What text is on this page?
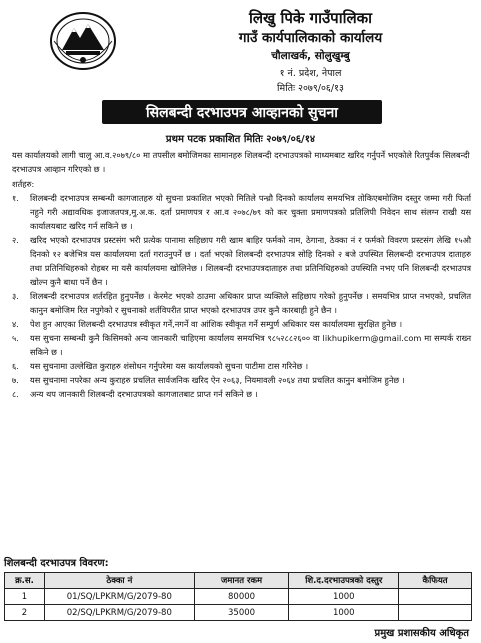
लिखु पिके गाउँपालिका
गाउँ कार्यपालिकाको कार्यालय
चौलाखर्क, सोलुखुम्बु
१ नं. प्रदेश, नेपाल
मितिः २०७९/०६/१३
सिलबन्दी दरभाउपत्र आव्हानको सुचना
प्रथम पटक प्रकाशित मितिः २०७९/०६/१४

यस कार्यालयको लागी चालु आ.व.२०७९/८० मा तपसील बमोजिमका सामानहरु शिलबन्दी दरभाउपत्रको माध्यमबाट खरिद गर्नुपर्ने भएकोले रितपुर्वक सिलबन्दी दरभाउपत्र आव्हान गरिएको छ ।

शर्तहरु:
१.	शिलबन्दी दरभाउपत्र सम्बन्धी कागजातहरु यो सुचना प्रकाशित भएको मितिले पन्ध्रौ दिनको कार्यालय समयभित्र तोकिएबमोजिम दस्तुर जम्मा गरी फिर्ता नहुने गरी अद्यावधिक इजाजतपत्र,मु.अ.क. दर्ता प्रमाणपत्र र आ.व २०७८/७९ को कर चुक्ता प्रमाणपत्रको प्रतिलिपी निवेदन साथ संलग्न राखी यस कार्यालयबाट खरिद गर्न सकिने छ ।
२.	खरिद भएको दरभाउपत्र प्रस्टसंग भरी प्रत्येक पानामा सहिछाप गरी खाम बाहिर फर्मको नाम, ठेगाना, ठेक्का नं र फर्मको विवरण प्रस्टसंग लेखि १५औ दिनको १२ बजेभित्र यस कार्यालयमा दर्ता गराउनुपर्ने छ । दर्ता भएको शिलबन्दी दरभाउपत्र सोहि दिनको २ बजे उपस्थित सिलबन्दी दरभाउपत्र दाताहरु तथा प्रतिनिधिहरुको रोहबर मा यसै कार्यालयमा खोलिनेछ । शिलबन्दी दरभाउपत्रदाताहरु तथा प्रतिनिधिहरुको उपस्थिति नभए पनि शिलबन्दी दरभाउपत्र खोल्न कुनै बाधा पर्ने छैन ।
३.	शिलबन्दी दरभाउपत्र शर्तरहित हुनुपर्नेछ । केरमेट भएको ठाउमा अधिकार प्राप्त व्यक्तिले सहिछाप गरेको हुनुपर्नेछ । समयभित्र प्राप्त नभएको, प्रचलित कानुन बमोजिम रित नपुगेको र सुचनाको शर्तविपरीत प्राप्त भएको दरभाउपत्र उपर कुनै कारबाही हुने छैन ।
४.	पेश हुन आएका शिलबन्दी दरभाउपत्र स्वीकृत गर्ने,नगर्ने वा आंशिक स्वीकृत गर्ने सम्पुर्ण अधिकार यस कार्यालयमा सुरक्षित हुनेछ ।
५.	यस सुचना सम्बन्धी कुनै किसिमको अन्य जानकारी चाहिएमा कार्यालय समयभित्र ९८५२८८२६०० वा likhupikerm@gmail.com मा सम्पर्क राख्न सकिने छ ।
६.	यस सुचनामा उल्लेखित कुराहरु शंसोधन गर्नुपरेमा यस कार्यालयको सुचना पाटीमा टास गरिनेछ ।
७.	यस सुचनामा नपरेका अन्य कुराहरु प्रचलित सार्वजनिक खरिद ऐन २०६३, नियमावली २०६४ तथा प्रचलित कानुन बमोजिम हुनेछ ।
८.	अन्य थप जानकारी शिलबन्दी दरभाउपत्रको कागजातबाट प्राप्त गर्न सकिने छ ।
शिलबन्दी दरभाउपत्र विवरण:
क्र.स.	ठेक्का नं	जमानत रकम	शि.द.दरभाउपत्रको दस्तुर	कैफियत
1	01/SQ/LPKRM/G/2079-80	80000	1000	
2	02/SQ/LPKRM/G/2079-80	35000	1000	
प्रमुख प्रशासकीय अधिकृत
